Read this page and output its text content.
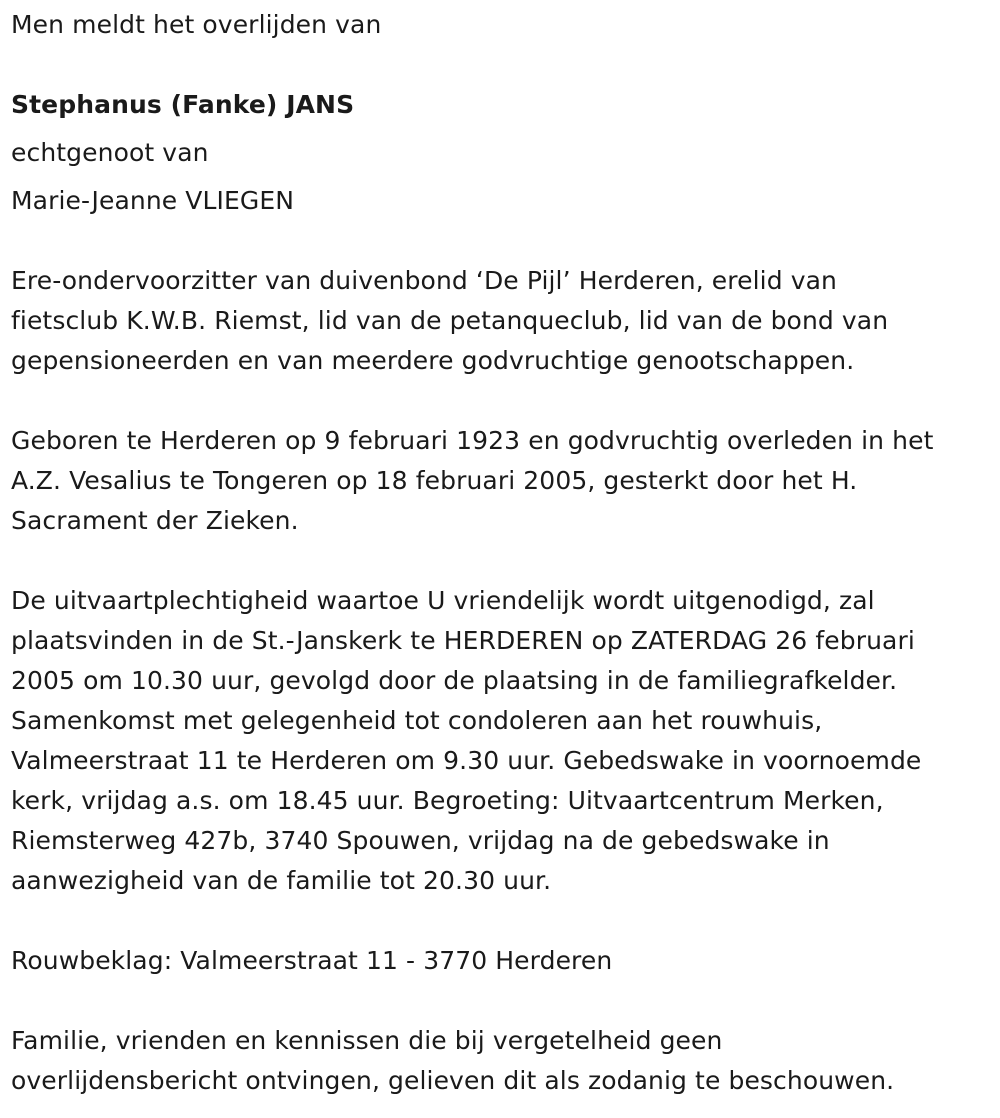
Men meldt het overlijden van
Stephanus (Fanke) JANS
echtgenoot van
Marie-Jeanne VLIEGEN
Ere-ondervoorzitter van duivenbond ‘De Pijl’ Herderen, erelid van
fietsclub K.W.B. Riemst, lid van de petanqueclub, lid van de bond van
gepensioneerden en van meerdere godvruchtige genootschappen.
Geboren te Herderen op 9 februari 1923 en godvruchtig overleden in het
A.Z. Vesalius te Tongeren op 18 februari 2005, gesterkt door het H.
Sacrament der Zieken.
De uitvaartplechtigheid waartoe U vriendelijk wordt uitgenodigd, zal
plaatsvinden in de St.-Janskerk te HERDEREN op ZATERDAG 26 februari
2005 om 10.30 uur, gevolgd door de plaatsing in de familiegrafkelder.
Samenkomst met gelegenheid tot condoleren aan het rouwhuis,
Valmeerstraat 11 te Herderen om 9.30 uur. Gebedswake in voornoemde
kerk, vrijdag a.s. om 18.45 uur. Begroeting: Uitvaartcentrum Merken,
Riemsterweg 427b, 3740 Spouwen, vrijdag na de gebedswake in
aanwezigheid van de familie tot 20.30 uur.
Rouwbeklag: Valmeerstraat 11 - 3770 Herderen
Familie, vrienden en kennissen die bij vergetelheid geen
overlijdensbericht ontvingen, gelieven dit als zodanig te beschouwen.
